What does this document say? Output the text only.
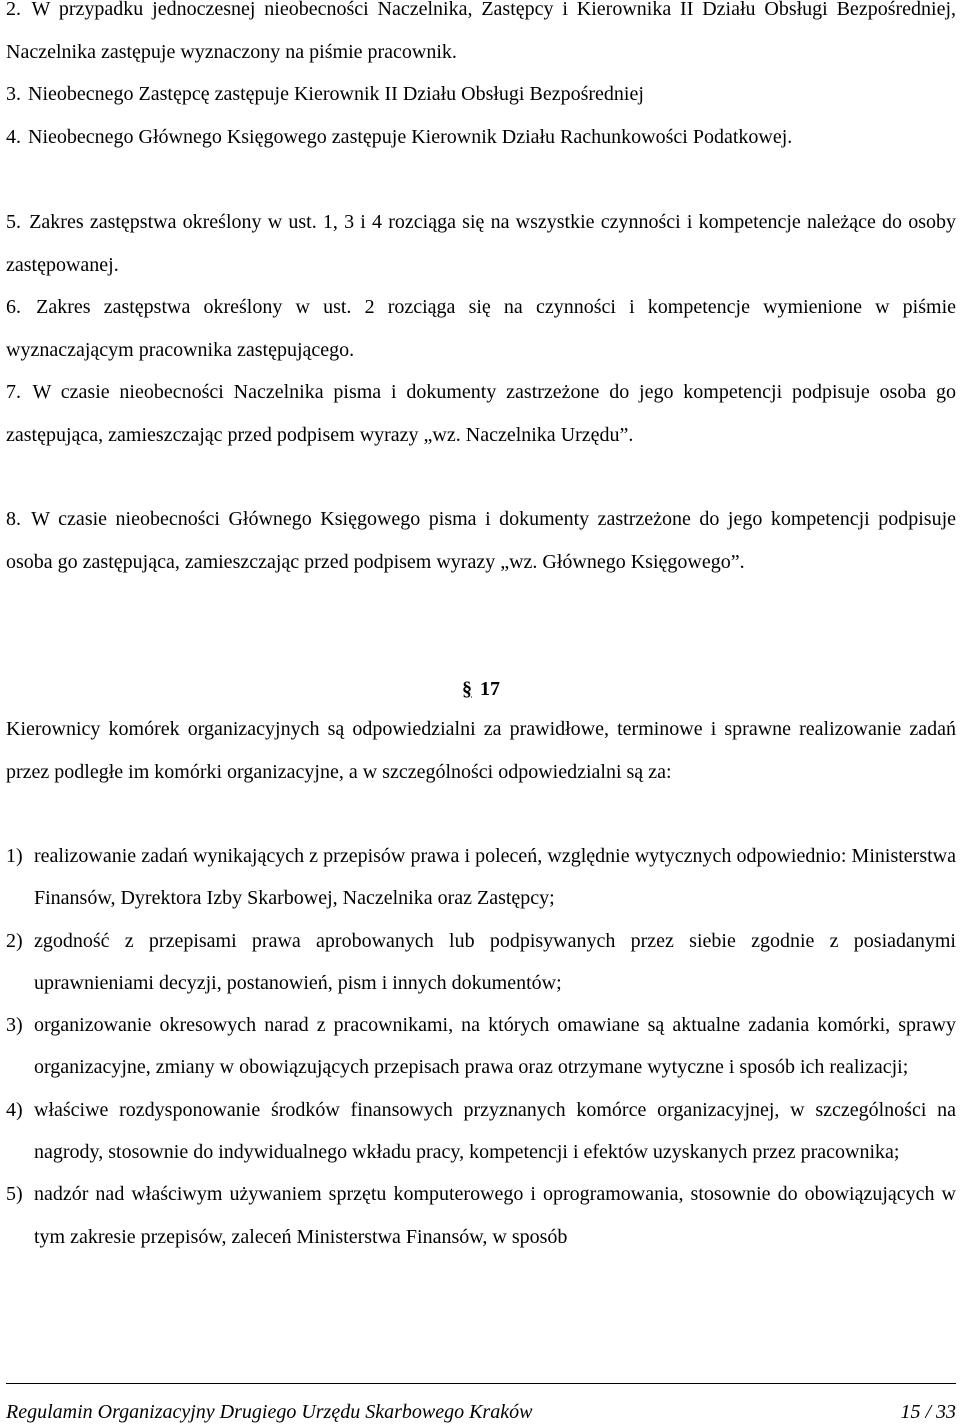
2. W przypadku jednoczesnej nieobecności Naczelnika, Zastępcy i Kierownika II Działu Obsługi Bezpośredniej, Naczelnika zastępuje wyznaczony na piśmie pracownik.

3. Nieobecnego Zastępcę zastępuje Kierownik II Działu Obsługi Bezpośredniej

4. Nieobecnego Głównego Księgowego zastępuje Kierownik Działu Rachunkowości Podatkowej.

5. Zakres zastępstwa określony w ust. 1, 3 i 4 rozciąga się na wszystkie czynności i kompetencje należące do osoby zastępowanej.

6. Zakres zastępstwa określony w ust. 2 rozciąga się na czynności i kompetencje wymienione w piśmie wyznaczającym pracownika zastępującego.

7. W czasie nieobecności Naczelnika pisma i dokumenty zastrzeżone do jego kompetencji podpisuje osoba go zastępująca, zamieszczając przed podpisem wyrazy „wz. Naczelnika Urzędu”.

8. W czasie nieobecności Głównego Księgowego pisma i dokumenty zastrzeżone do jego kompetencji podpisuje osoba go zastępująca, zamieszczając przed podpisem wyrazy „wz. Głównego Księgowego”.

§ 17

Kierownicy komórek organizacyjnych są odpowiedzialni za prawidłowe, terminowe i sprawne realizowanie zadań przez podległe im komórki organizacyjne, a w szczególności odpowiedzialni są za:

1) realizowanie zadań wynikających z przepisów prawa i poleceń, względnie wytycznych odpowiednio: Ministerstwa Finansów, Dyrektora Izby Skarbowej, Naczelnika oraz Zastępcy;
2) zgodność z przepisami prawa aprobowanych lub podpisywanych przez siebie zgodnie z posiadanymi uprawnieniami decyzji, postanowień, pism i innych dokumentów;
3) organizowanie okresowych narad z pracownikami, na których omawiane są aktualne zadania komórki, sprawy organizacyjne, zmiany w obowiązujących przepisach prawa oraz otrzymane wytyczne i sposób ich realizacji;
4) właściwe rozdysponowanie środków finansowych przyznanych komórce organizacyjnej, w szczególności na nagrody, stosownie do indywidualnego wkładu pracy, kompetencji i efektów uzyskanych przez pracownika;
5) nadzór nad właściwym używaniem sprzętu komputerowego i oprogramowania, stosownie do obowiązujących w tym zakresie przepisów, zaleceń Ministerstwa Finansów, w sposób
Regulamin Organizacyjny Drugiego Urzędu Skarbowego Kraków	15 / 33
